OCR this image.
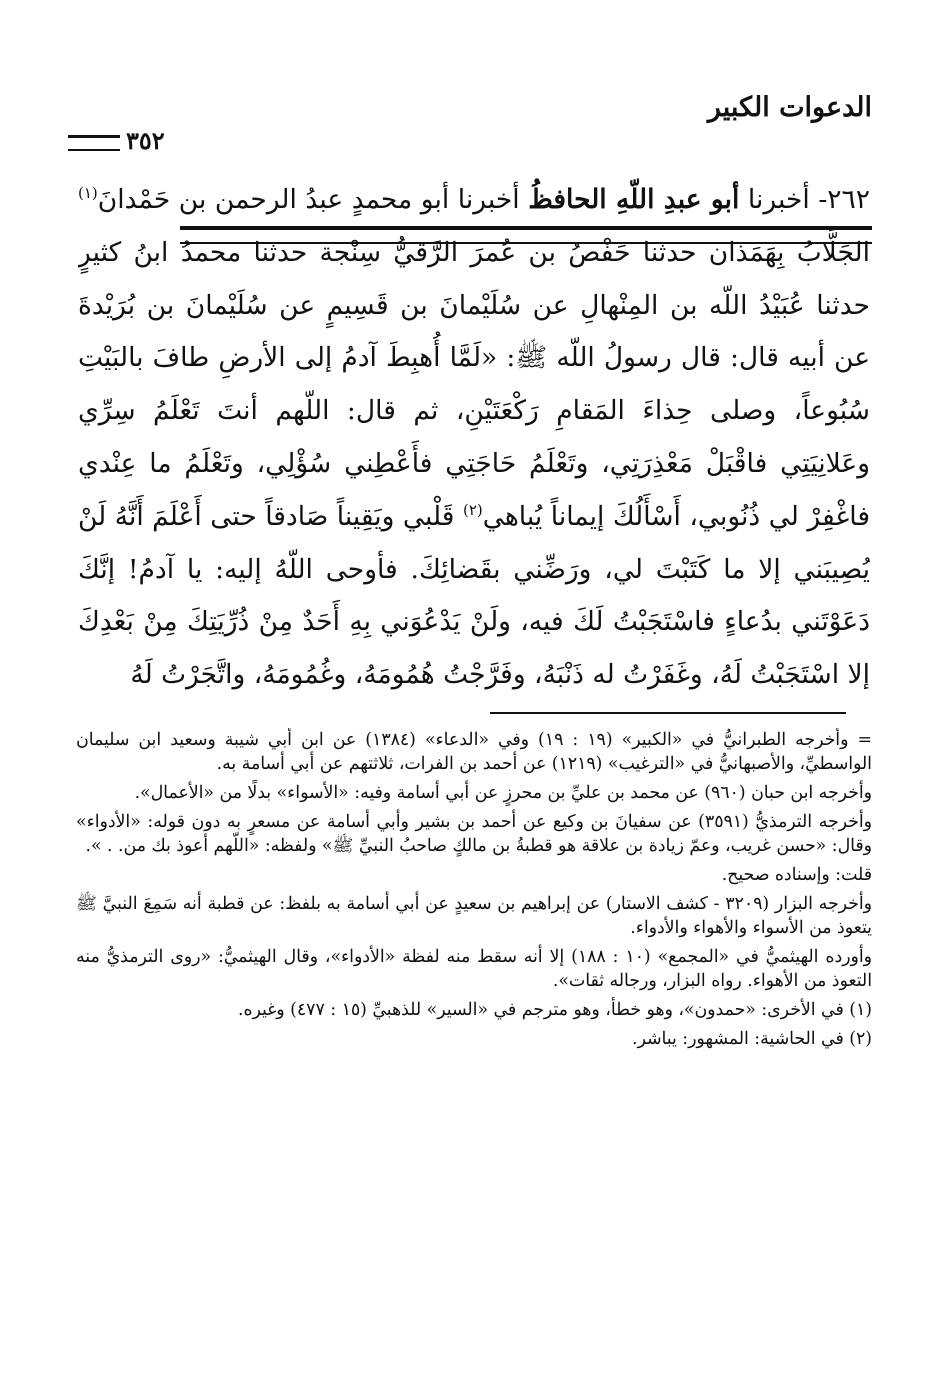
الدعوات الكبير
٣٥٢
٢٦٢- أخبرنا أبو عبدِ اللّهِ الحافظُ أخبرنا أبو محمدٍ عبدُ الرحمن بن حَمْدانَ$^{(١)}$ الجَلَّابُ بِهَمَذان حدثنا حَفْصُ بن عُمرَ الرَّقيُّ سِنْجة حدثنا محمدُ ابنُ كثيرٍ حدثنا عُبَيْدُ اللّه بن المِنْهالِ عن سُلَيْمانَ بن قَسِيمٍ عن سُلَيْمانَ بن بُرَيْدةَ عن أبيه قال: قال رسولُ اللّه ﷺ: «لَمَّا أُهبِطَ آدمُ إلى الأرضِ طافَ بالبَيْتِ سُبُوعاً، وصلى حِذاءَ المَقامِ رَكْعَتَيْنِ، ثم قال: اللّهم أنتَ تَعْلَمُ سِرِّي وعَلانِيَتِي فاقْبَلْ مَعْذِرَتِي، وتَعْلَمُ حَاجَتِي فأَعْطِني سُؤْلِي، وتَعْلَمُ ما عِنْدي فاغْفِرْ لي ذُنُوبي، أَسْأَلُكَ إيماناً يُباهي$^{(٢)}$ قَلْبي ويَقِيناً صَادقاً حتى أَعْلَمَ أَنَّهُ لَنْ يُصِيبَني إلا ما كَتَبْتَ لي، ورَضِّني بقَضائِكَ. فأوحى اللّهُ إليه: يا آدمُ! إنَّكَ دَعَوْتَني بدُعاءٍ فاسْتَجَبْتُ لَكَ فيه، ولَنْ يَدْعُوَني بِهِ أَحَدٌ مِنْ ذُرِّيَتِكَ مِنْ بَعْدِكَ إلا اسْتَجَبْتُ لَهُ، وغَفَرْتُ له ذَنْبَهُ، وفَرَّجْتُ هُمُومَهُ، وغُمُومَهُ، واتَّجَرْتُ لَهُ

= وأخرجه الطبرانيُّ في «الكبير» (١٩ : ١٩) وفي «الدعاء» (١٣٨٤) عن ابن أبي شيبة وسعيد ابن سليمان الواسطيِّ، والأصبهانيُّ في «الترغيب» (١٢١٩) عن أحمد بن الفرات، ثلاثتهم عن أبي أسامة به.

وأخرجه ابن حبان (٩٦٠) عن محمد بن عليِّ بن محرزٍ عن أبي أسامة وفيه: «الأسواء» بدلًا من «الأعمال».

وأخرجه الترمذيُّ (٣٥٩١) عن سفيانَ بن وكيع عن أحمد بن بشير وأبي أسامة عن مسعرٍ به دون قوله: «الأدواء» وقال: «حسن غريب، وعمّ زيادة بن علاقة هو قطبةُ بن مالكٍ صاحبُ النبيِّ ﷺ» ولفظه: «اللّهم أعوذ بك من. . ».

قلت: وإسناده صحيح.

وأخرجه البزار (٣٢٠٩ - كشف الاستار) عن إبراهيم بن سعيدٍ عن أبي أسامة به بلفظ: عن قطبة أنه سَمِعَ النبيَّ ﷺ يتعوذ من الأسواء والأهواء والأدواء.

وأورده الهيثميُّ في «المجمع» (١٠ : ١٨٨) إلا أنه سقط منه لفظة «الأدواء»، وقال الهيثميُّ: «روى الترمذيُّ منه التعوذ من الأهواء. رواه البزار، ورجاله ثقات».

(١) في الأخرى: «حمدون»، وهو خطأ، وهو مترجم في «السير» للذهبيِّ (١٥ : ٤٧٧) وغيره.

(٢) في الحاشية: المشهور: يباشر.
